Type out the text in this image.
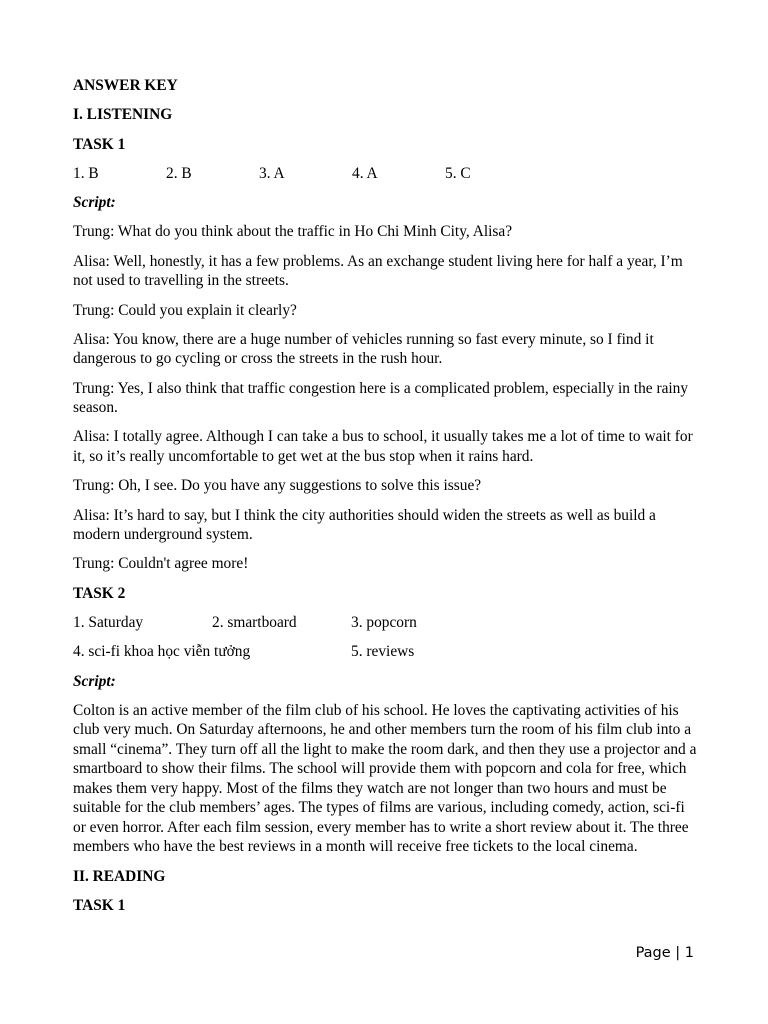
ANSWER KEY
I. LISTENING
TASK 1
1. B	2. B	3. A	4. A	5. C
Script:

Trung: What do you think about the traffic in Ho Chi Minh City, Alisa?

Alisa: Well, honestly, it has a few problems. As an exchange student living here for half a year, I’m not used to travelling in the streets.

Trung: Could you explain it clearly?

Alisa: You know, there are a huge number of vehicles running so fast every minute, so I find it dangerous to go cycling or cross the streets in the rush hour.

Trung: Yes, I also think that traffic congestion here is a complicated problem, especially in the rainy season.

Alisa: I totally agree. Although I can take a bus to school, it usually takes me a lot of time to wait for it, so it’s really uncomfortable to get wet at the bus stop when it rains hard.

Trung: Oh, I see. Do you have any suggestions to solve this issue?

Alisa: It’s hard to say, but I think the city authorities should widen the streets as well as build a modern underground system.

Trung: Couldn't agree more!

TASK 2
1. Saturday	2. smartboard	3. popcorn
4. sci-fi khoa học viễn tưởng	5. reviews
Script:

Colton is an active member of the film club of his school. He loves the captivating activities of his club very much. On Saturday afternoons, he and other members turn the room of his film club into a small “cinema”. They turn off all the light to make the room dark, and then they use a projector and a smartboard to show their films. The school will provide them with popcorn and cola for free, which makes them very happy. Most of the films they watch are not longer than two hours and must be suitable for the club members’ ages. The types of films are various, including comedy, action, sci-fi or even horror. After each film session, every member has to write a short review about it. The three members who have the best reviews in a month will receive free tickets to the local cinema.

II. READING
TASK 1
Page | 1
